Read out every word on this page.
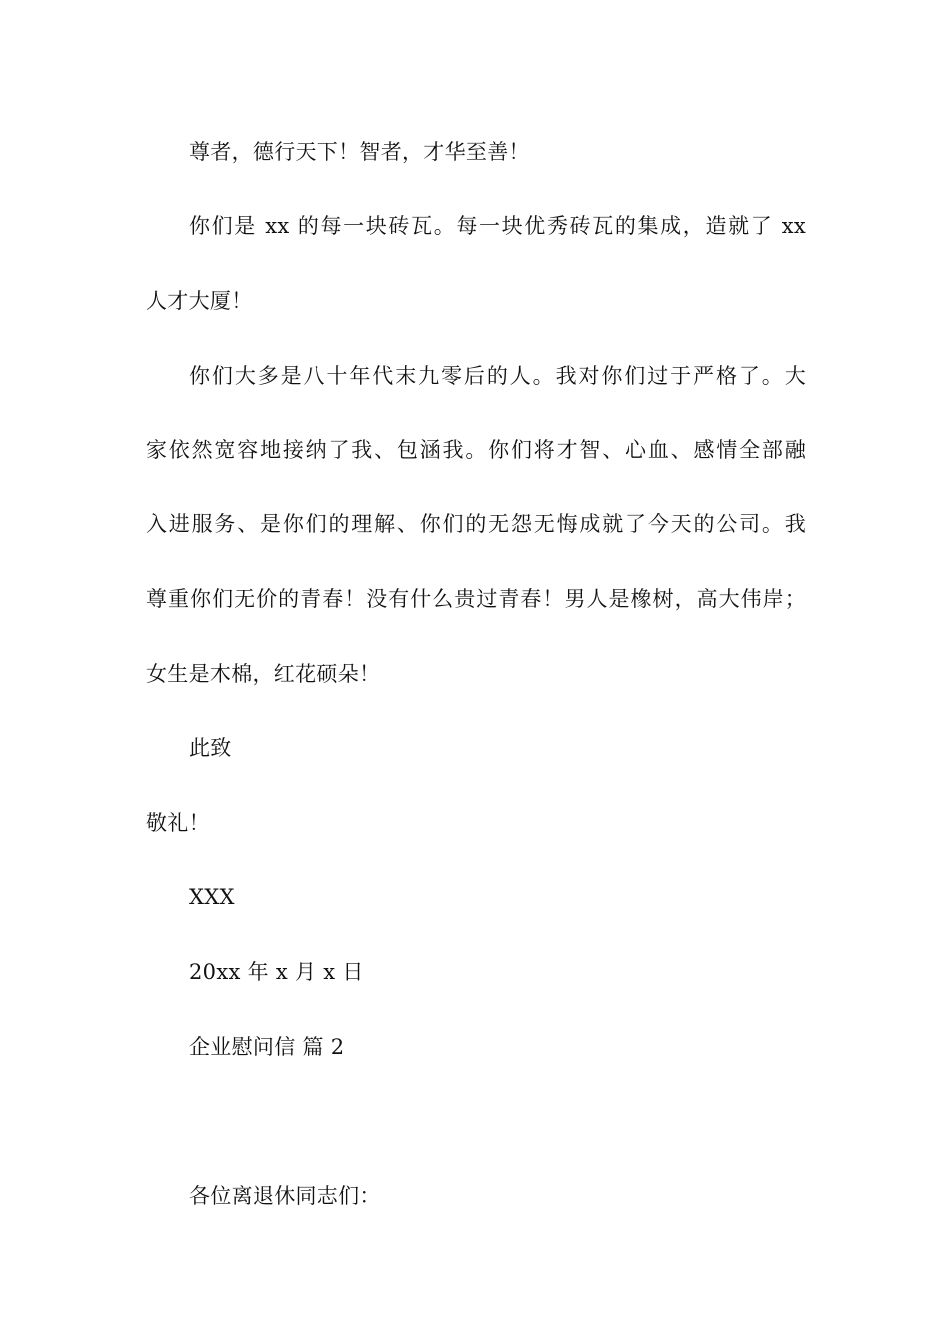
尊者，德行天下！智者，才华至善！
你们是 xx 的每一块砖瓦。每一块优秀砖瓦的集成，造就了 xx
人才大厦！
你们大多是八十年代末九零后的人。我对你们过于严格了。大
家依然宽容地接纳了我、包涵我。你们将才智、心血、感情全部融
入进服务、是你们的理解、你们的无怨无悔成就了今天的公司。我
尊重你们无价的青春！没有什么贵过青春！男人是橡树，高大伟岸；
女生是木棉，红花硕朵！
此致
敬礼！
XXX
20xx 年 x 月 x 日
企业慰问信 篇 2
各位离退休同志们：
